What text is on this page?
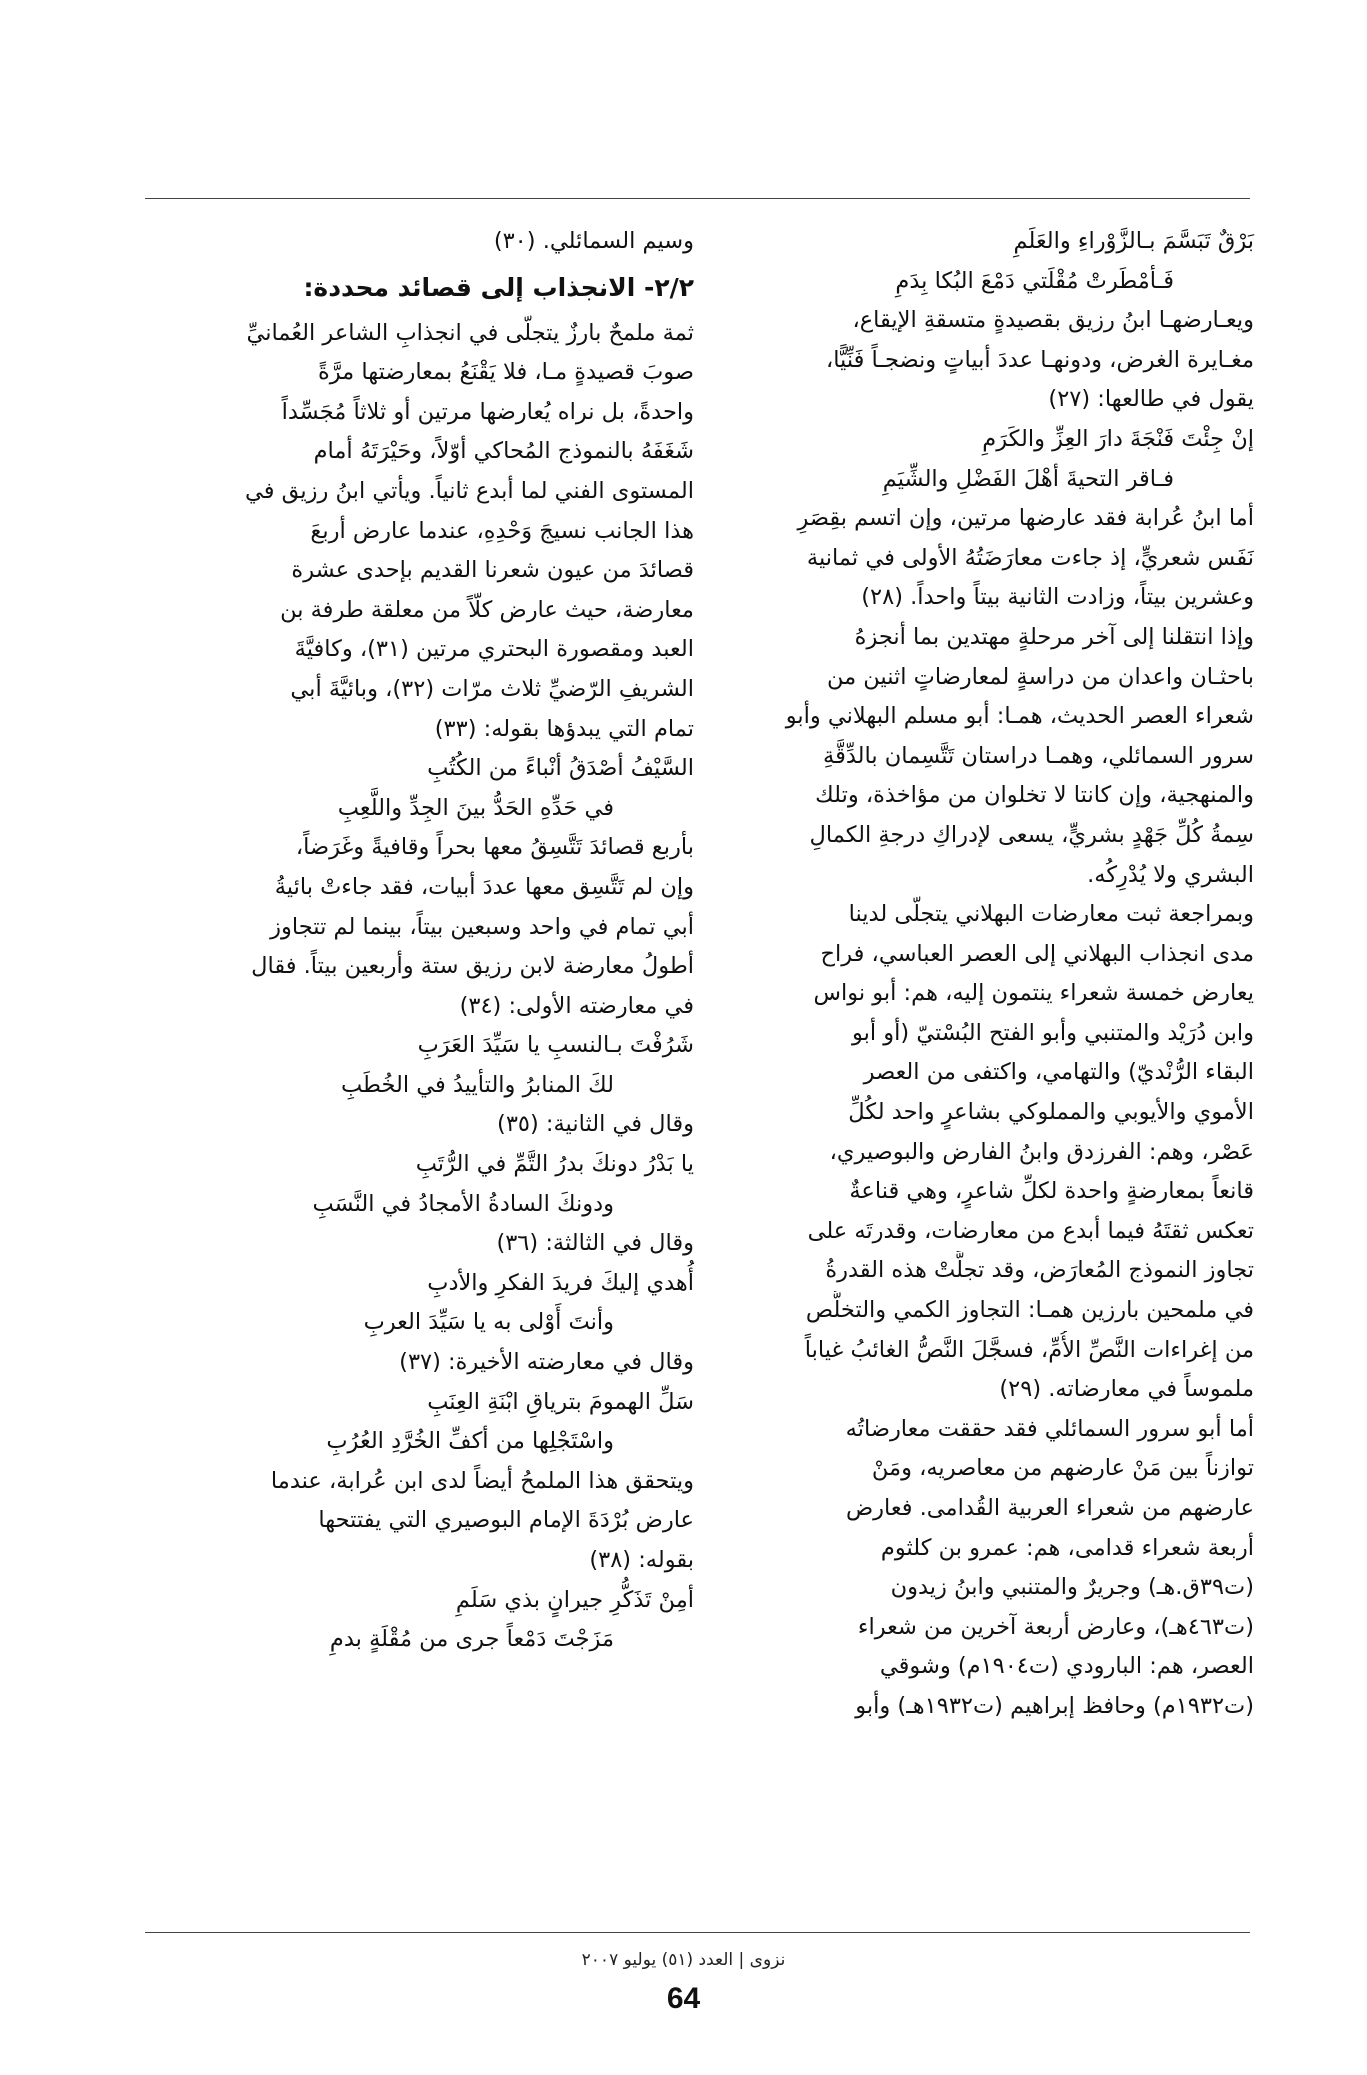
بَرْقٌ تَبَسَّمَ بـالزَّوْراءِ والعَلَمِ
فَـأمْطَرتْ مُقْلَتي دَمْعَ البُكا بِدَمِ
ويعـارضهـا ابنُ رزيق بقصيدةٍ متسقةِ الإيقاع،
مغـايرة الغرض، ودونهـا عددَ أبياتٍ ونضجـاً فَنِّيًّا،
يقول في طالعها: (٢٧)
إنْ جِئْتَ فَنْجَةَ دارَ العِزِّ والكَرَمِ
فـاقر التحيةَ أهْلَ الفَضْلِ والشِّيَمِ
أما ابنُ عُرابة فقد عارضها مرتين، وإن اتسم بقِصَرِ
نَفَس شعريٍّ، إذ جاءت معارَضَتُهُ الأولى في ثمانية
وعشرين بيتاً، وزادت الثانية بيتاً واحداً. (٢٨)
وإذا انتقلنا إلى آخر مرحلةٍ مهتدين بما أنجزهُ
باحثـان واعدان من دراسةٍ لمعارضاتٍ اثنين من
شعراء العصر الحديث، همـا: أبو مسلم البهلاني وأبو
سرور السمائلي، وهمـا دراستان تَتَّسِمان بالدِّقَّةِ
والمنهجية، وإن كانتا لا تخلوان من مؤاخذة، وتلك
سِمةُ كُلِّ جَهْدٍ بشريٍّ، يسعى لإدراكِ درجةِ الكمالِ
البشري ولا يُدْرِكُه.
وبمراجعة ثبت معارضات البهلاني يتجلّى لدينا
مدى انجذاب البهلاني إلى العصر العباسي، فراح
يعارض خمسة شعراء ينتمون إليه، هم: أبو نواس
وابن دُرَيْد والمتنبي وأبو الفتح البُسْتيّ (أو أبو
البقاء الرُّنْديّ) والتهامي، واكتفى من العصر
الأموي والأيوبي والمملوكي بشاعرٍ واحد لكُلِّ
عَصْر، وهم: الفرزدق وابنُ الفارض والبوصيري،
قانعاً بمعارضةٍ واحدة لكلِّ شاعرٍ، وهي قناعةٌ
تعكس ثقتَهُ فيما أبدع من معارضات، وقدرتَه على
تجاوز النموذج المُعارَض، وقد تجلَّتْ هذه القدرةُ
في ملمحين بارزين همـا: التجاوز الكمي والتخلُّص
من إغراءات النَّصِّ الأُمِّ، فسجَّلَ النَّصُّ الغائبُ غياباً
ملموساً في معارضاته. (٢٩)
أما أبو سرور السمائلي فقد حققت معارضاتُه
توازناً بين مَنْ عارضهم من معاصريه، ومَنْ
عارضهم من شعراء العربية القُدامى. فعارض
أربعة شعراء قدامى، هم: عمرو بن كلثوم
(ت٣٩ق.هـ) وجريرٌ والمتنبي وابنُ زيدون
(ت٤٦٣هـ)، وعارض أربعة آخرين من شعراء
العصر، هم: البارودي (ت١٩٠٤م) وشوقي
(ت١٩٣٢م) وحافظ إبراهيم (ت١٩٣٢هـ) وأبو
وسيم السمائلي. (٣٠)
٢/٢- الانجذاب إلى قصائد محددة:
ثمة ملمحٌ بارزٌ يتجلّى في انجذابِ الشاعر العُمانيِّ
صوبَ قصيدةٍ مـا، فلا يَقْنَعُ بمعارضتها مرَّةً
واحدةً، بل نراه يُعارضها مرتين أو ثلاثاً مُجَسِّداً
شَغَفَهُ بالنموذج المُحاكي أوّلاً، وحَيْرَتَهُ أمام
المستوى الفني لما أبدع ثانياً. ويأتي ابنُ رزيق في
هذا الجانب نسيجَ وَحْدِهِ، عندما عارض أربعَ
قصائدَ من عيون شعرنا القديم بإحدى عشرة
معارضة، حيث عارض كلّاً من معلقة طرفة بن
العبد ومقصورة البحتري مرتين (٣١)، وكافيَّةَ
الشريفِ الرّضيِّ ثلاث مرّات (٣٢)، وبائيَّةَ أبي
تمام التي يبدؤها بقوله: (٣٣)
السَّيْفُ أصْدَقُ أنْباءً من الكُتُبِ
في حَدِّهِ الحَدُّ بينَ الجِدِّ واللَّعِبِ
بأربع قصائدَ تَتَّسِقُ معها بحراً وقافيةً وغَرَضاً،
وإن لم تَتَّسِق معها عددَ أبيات، فقد جاءتْ بائيةُ
أبي تمام في واحد وسبعين بيتاً، بينما لم تتجاوز
أطولُ معارضة لابن رزيق ستة وأربعين بيتاً. فقال
في معارضته الأولى: (٣٤)
شَرُفْتَ بـالنسبِ يا سَيِّدَ العَرَبِ
لكَ المنابرُ والتأييدُ في الخُطَبِ
وقال في الثانية: (٣٥)
يا بَدْرُ دونكَ بدرُ التَّمِّ في الرُّتَبِ
ودونكَ السادةُ الأمجادُ في النَّسَبِ
وقال في الثالثة: (٣٦)
أُهدي إليكَ فريدَ الفكرِ والأدبِ
وأنتَ أَوْلى به يا سَيِّدَ العربِ
وقال في معارضته الأخيرة: (٣٧)
سَلِّ الهمومَ بترياقِ ابْنَةِ العِنَبِ
واسْتَجْلِها من أكفِّ الخُرَّدِ العُرُبِ
ويتحقق هذا الملمحُ أيضاً لدى ابن عُرابة، عندما
عارض بُرْدَةَ الإمام البوصيري التي يفتتحها
بقوله: (٣٨)
أمِنْ تَذَكُّرِ جيرانٍ بذي سَلَمِ
مَزَجْتَ دَمْعاً جرى من مُقْلَةٍ بدمِ
نزوى | العدد (٥١) يوليو ٢٠٠٧
64
